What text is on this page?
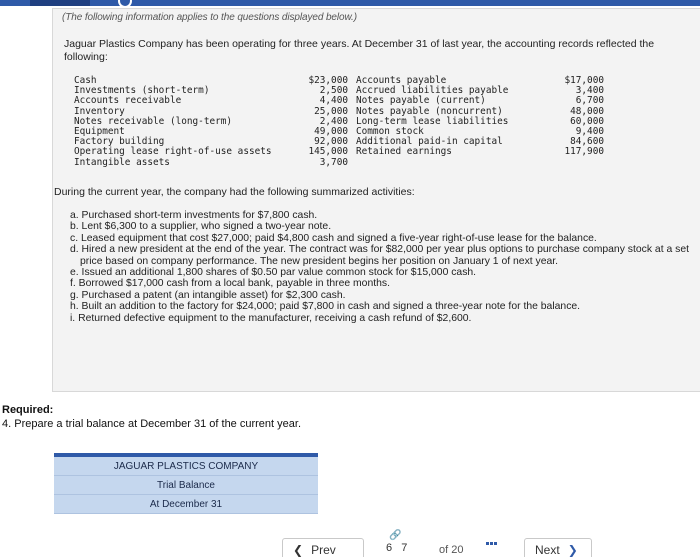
(The following information applies to the questions displayed below.)
Jaguar Plastics Company has been operating for three years. At December 31 of last year, the accounting records reflected the following:
Cash
Investments (short-term)
Accounts receivable
Inventory
Notes receivable (long-term)
Equipment
Factory building
Operating lease right-of-use assets
Intangible assets
$23,000
2,500
4,400
25,000
2,400
49,000
92,000
145,000
3,700
Accounts payable
Accrued liabilities payable
Notes payable (current)
Notes payable (noncurrent)
Long-term lease liabilities
Common stock
Additional paid-in capital
Retained earnings
$17,000
3,400
6,700
48,000
60,000
9,400
84,600
117,900
During the current year, the company had the following summarized activities:
a. Purchased short-term investments for $7,800 cash.
b. Lent $6,300 to a supplier, who signed a two-year note.
c. Leased equipment that cost $27,000; paid $4,800 cash and signed a five-year right-of-use lease for the balance.
d. Hired a new president at the end of the year. The contract was for $82,000 per year plus options to purchase company stock at a set price based on company performance. The new president begins her position on January 1 of next year.
e. Issued an additional 1,800 shares of $0.50 par value common stock for $15,000 cash.
f. Borrowed $17,000 cash from a local bank, payable in three months.
g. Purchased a patent (an intangible asset) for $2,300 cash.
h. Built an addition to the factory for $24,000; paid $7,800 in cash and signed a three-year note for the balance.
i. Returned defective equipment to the manufacturer, receiving a cash refund of $2,600.
Required:
4. Prepare a trial balance at December 31 of the current year.
JAGUAR PLASTICS COMPANY
Trial Balance
At December 31
❮ Prev
🔗
6 7	of 20	Next ❯
